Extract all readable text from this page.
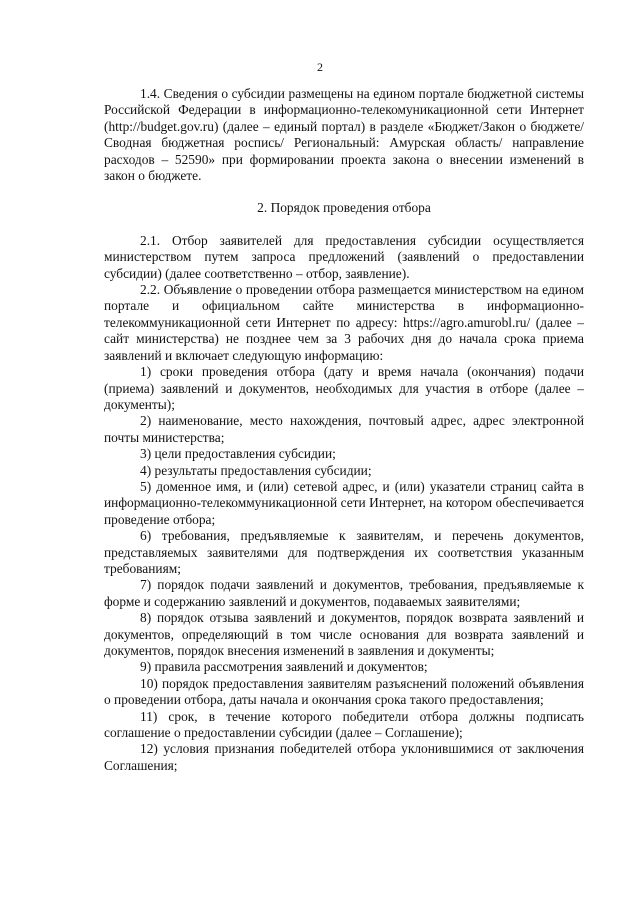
2

1.4. Сведения о субсидии размещены на едином портале бюджетной системы Российской Федерации в информационно-телекомуникационной сети Интернет (http://budget.gov.ru) (далее – единый портал) в разделе «Бюджет/Закон о бюджете/Сводная бюджетная роспись/ Региональный: Амурская область/ направление расходов – 52590» при формировании проекта закона о внесении изменений в закон о бюджете.

2. Порядок проведения отбора

2.1. Отбор заявителей для предоставления субсидии осуществляется министерством путем запроса предложений (заявлений о предоставлении субсидии) (далее соответственно – отбор, заявление).

2.2. Объявление о проведении отбора размещается министерством на едином портале и официальном сайте министерства в информационно-телекоммуникационной сети Интернет по адресу: https://agro.amurobl.ru/ (далее – сайт министерства) не позднее чем за 3 рабочих дня до начала срока приема заявлений и включает следующую информацию:

1) сроки проведения отбора (дату и время начала (окончания) подачи (приема) заявлений и документов, необходимых для участия в отборе (далее – документы);

2) наименование, место нахождения, почтовый адрес, адрес электронной почты министерства;

3) цели предоставления субсидии;

4) результаты предоставления субсидии;

5) доменное имя, и (или) сетевой адрес, и (или) указатели страниц сайта в информационно-телекоммуникационной сети Интернет, на котором обеспечивается проведение отбора;

6) требования, предъявляемые к заявителям, и перечень документов, представляемых заявителями для подтверждения их соответствия указанным требованиям;

7) порядок подачи заявлений и документов, требования, предъявляемые к форме и содержанию заявлений и документов, подаваемых заявителями;

8) порядок отзыва заявлений и документов, порядок возврата заявлений и документов, определяющий в том числе основания для возврата заявлений и документов, порядок внесения изменений в заявления и документы;

9) правила рассмотрения заявлений и документов;

10) порядок предоставления заявителям разъяснений положений объявления о проведении отбора, даты начала и окончания срока такого предоставления;

11) срок, в течение которого победители отбора должны подписать соглашение о предоставлении субсидии (далее – Соглашение);

12) условия признания победителей отбора уклонившимися от заключения Соглашения;
